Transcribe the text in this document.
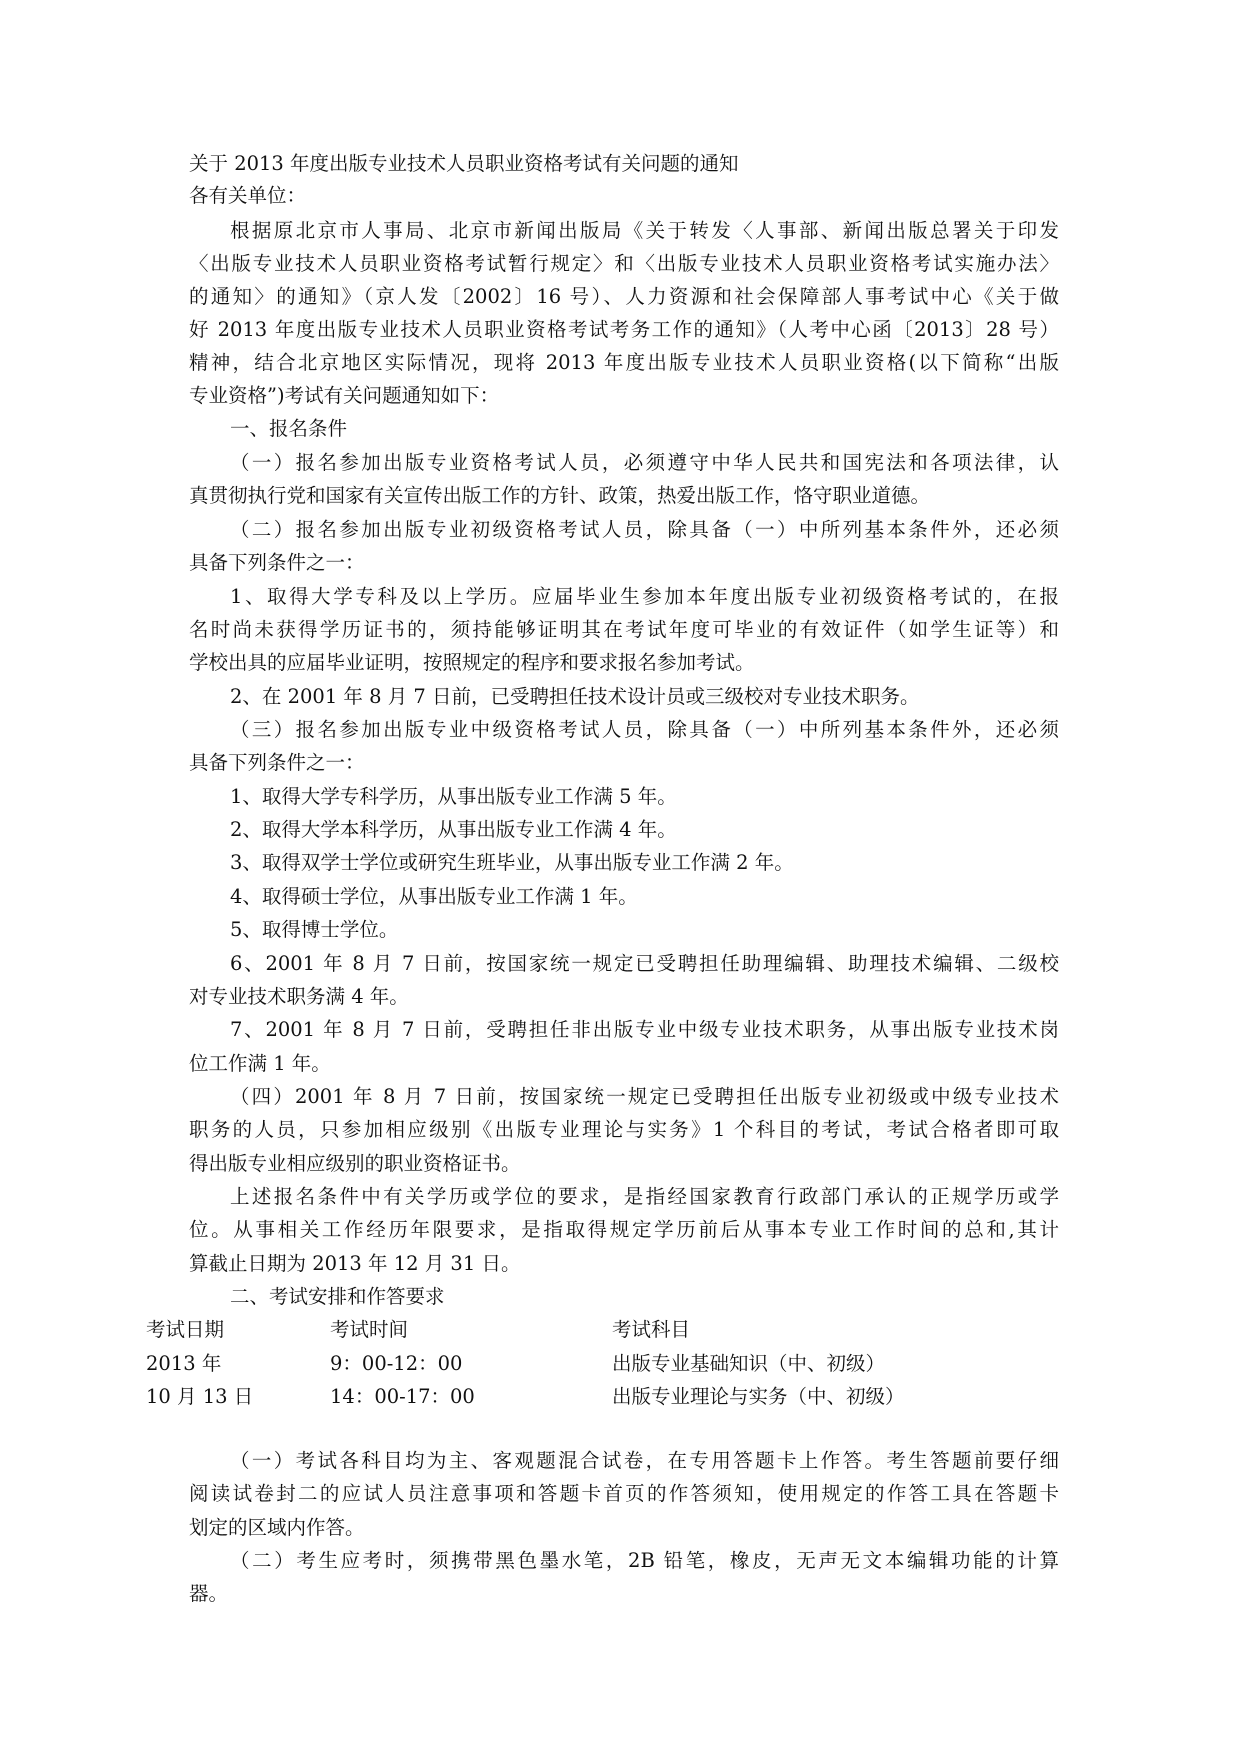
关于 2013 年度出版专业技术人员职业资格考试有关问题的通知
各有关单位：
根据原北京市人事局、北京市新闻出版局《关于转发〈人事部、新闻出版总署关于印发
〈出版专业技术人员职业资格考试暂行规定〉和〈出版专业技术人员职业资格考试实施办法〉
的通知〉的通知》（京人发〔2002〕16 号）、人力资源和社会保障部人事考试中心《关于做
好 2013 年度出版专业技术人员职业资格考试考务工作的通知》（人考中心函〔2013〕28 号）
精神，结合北京地区实际情况，现将 2013 年度出版专业技术人员职业资格(以下简称“出版
专业资格”)考试有关问题通知如下：
一、报名条件
（一）报名参加出版专业资格考试人员，必须遵守中华人民共和国宪法和各项法律，认
真贯彻执行党和国家有关宣传出版工作的方针、政策，热爱出版工作，恪守职业道德。
（二）报名参加出版专业初级资格考试人员，除具备（一）中所列基本条件外，还必须
具备下列条件之一：
1、取得大学专科及以上学历。应届毕业生参加本年度出版专业初级资格考试的，在报
名时尚未获得学历证书的，须持能够证明其在考试年度可毕业的有效证件（如学生证等）和
学校出具的应届毕业证明，按照规定的程序和要求报名参加考试。
2、在 2001 年 8 月 7 日前，已受聘担任技术设计员或三级校对专业技术职务。
（三）报名参加出版专业中级资格考试人员，除具备（一）中所列基本条件外，还必须
具备下列条件之一：
1、取得大学专科学历，从事出版专业工作满 5 年。
2、取得大学本科学历，从事出版专业工作满 4 年。
3、取得双学士学位或研究生班毕业，从事出版专业工作满 2 年。
4、取得硕士学位，从事出版专业工作满 1 年。
5、取得博士学位。
6、2001 年 8 月 7 日前，按国家统一规定已受聘担任助理编辑、助理技术编辑、二级校
对专业技术职务满 4 年。
7、2001 年 8 月 7 日前，受聘担任非出版专业中级专业技术职务，从事出版专业技术岗
位工作满 1 年。
（四）2001 年 8 月 7 日前，按国家统一规定已受聘担任出版专业初级或中级专业技术
职务的人员，只参加相应级别《出版专业理论与实务》1 个科目的考试，考试合格者即可取
得出版专业相应级别的职业资格证书。
上述报名条件中有关学历或学位的要求，是指经国家教育行政部门承认的正规学历或学
位。从事相关工作经历年限要求，是指取得规定学历前后从事本专业工作时间的总和,其计
算截止日期为 2013 年 12 月 31 日。
二、考试安排和作答要求
考试日期	考试时间	考试科目
2013 年	9：00-12：00	出版专业基础知识（中、初级）
10 月 13 日	14：00-17：00	出版专业理论与实务（中、初级）
（一）考试各科目均为主、客观题混合试卷，在专用答题卡上作答。考生答题前要仔细
阅读试卷封二的应试人员注意事项和答题卡首页的作答须知，使用规定的作答工具在答题卡
划定的区域内作答。
（二）考生应考时，须携带黑色墨水笔，2B 铅笔，橡皮，无声无文本编辑功能的计算
器。
